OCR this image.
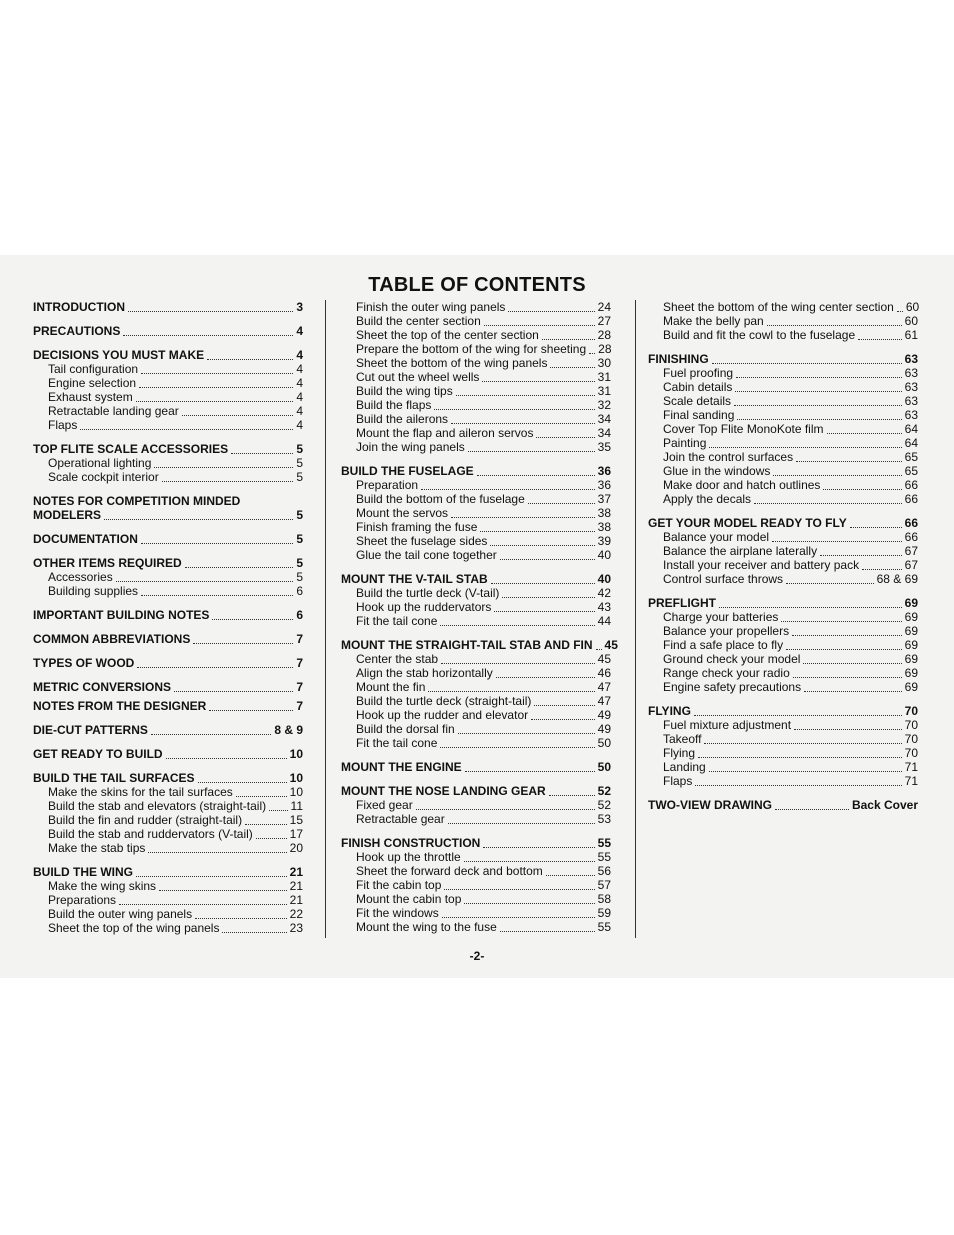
TABLE OF CONTENTS
INTRODUCTION	3
PRECAUTIONS	4
DECISIONS YOU MUST MAKE	4
Tail configuration	4
Engine selection	4
Exhaust system	4
Retractable landing gear	4
Flaps	4
TOP FLITE SCALE ACCESSORIES	5
Operational lighting	5
Scale cockpit interior	5
NOTES FOR COMPETITION MINDED
MODELERS	5
DOCUMENTATION	5
OTHER ITEMS REQUIRED	5
Accessories	5
Building supplies	6
IMPORTANT BUILDING NOTES	6
COMMON ABBREVIATIONS	7
TYPES OF WOOD	7
METRIC CONVERSIONS	7
NOTES FROM THE DESIGNER	7
DIE-CUT PATTERNS	8 & 9
GET READY TO BUILD	10
BUILD THE TAIL SURFACES	10
Make the skins for the tail surfaces	10
Build the stab and elevators (straight-tail) 11
Build the fin and rudder (straight-tail)	15
Build the stab and ruddervators (V-tail)	17
Make the stab tips	20
BUILD THE WING	21
Make the wing skins	21
Preparations	21
Build the outer wing panels	22
Sheet the top of the wing panels	23
Finish the outer wing panels	24
Build the center section	27
Sheet the top of the center section	28
Prepare the bottom of the wing for sheeting 28
Sheet the bottom of the wing panels	30
Cut out the wheel wells	31
Build the wing tips	31
Build the flaps	32
Build the ailerons	34
Mount the flap and aileron servos	34
Join the wing panels	35
BUILD THE FUSELAGE	36
Preparation	36
Build the bottom of the fuselage	37
Mount the servos	38
Finish framing the fuse	38
Sheet the fuselage sides	39
Glue the tail cone together	40
MOUNT THE V-TAIL STAB	40
Build the turtle deck (V-tail)	42
Hook up the ruddervators	43
Fit the tail cone	44
MOUNT THE STRAIGHT-TAIL STAB AND FIN 45
Center the stab	45
Align the stab horizontally	46
Mount the fin	47
Build the turtle deck (straight-tail)	47
Hook up the rudder and elevator	49
Build the dorsal fin	49
Fit the tail cone	50
MOUNT THE ENGINE	50
MOUNT THE NOSE LANDING GEAR	52
Fixed gear	52
Retractable gear	53
FINISH CONSTRUCTION	55
Hook up the throttle	55
Sheet the forward deck and bottom	56
Fit the cabin top	57
Mount the cabin top	58
Fit the windows	59
Mount the wing to the fuse	55
Sheet the bottom of the wing center section 60
Make the belly pan	60
Build and fit the cowl to the fuselage	61
FINISHING	63
Fuel proofing	63
Cabin details	63
Scale details	63
Final sanding	63
Cover Top Flite MonoKote film	64
Painting	64
Join the control surfaces	65
Glue in the windows	65
Make door and hatch outlines	66
Apply the decals	66
GET YOUR MODEL READY TO FLY	66
Balance your model	66
Balance the airplane laterally	67
Install your receiver and battery pack	67
Control surface throws	68 & 69
PREFLIGHT	69
Charge your batteries	69
Balance your propellers	69
Find a safe place to fly	69
Ground check your model	69
Range check your radio	69
Engine safety precautions	69
FLYING	70
Fuel mixture adjustment	70
Takeoff	70
Flying	70
Landing	71
Flaps	71
TWO-VIEW DRAWING	Back Cover
-2-
